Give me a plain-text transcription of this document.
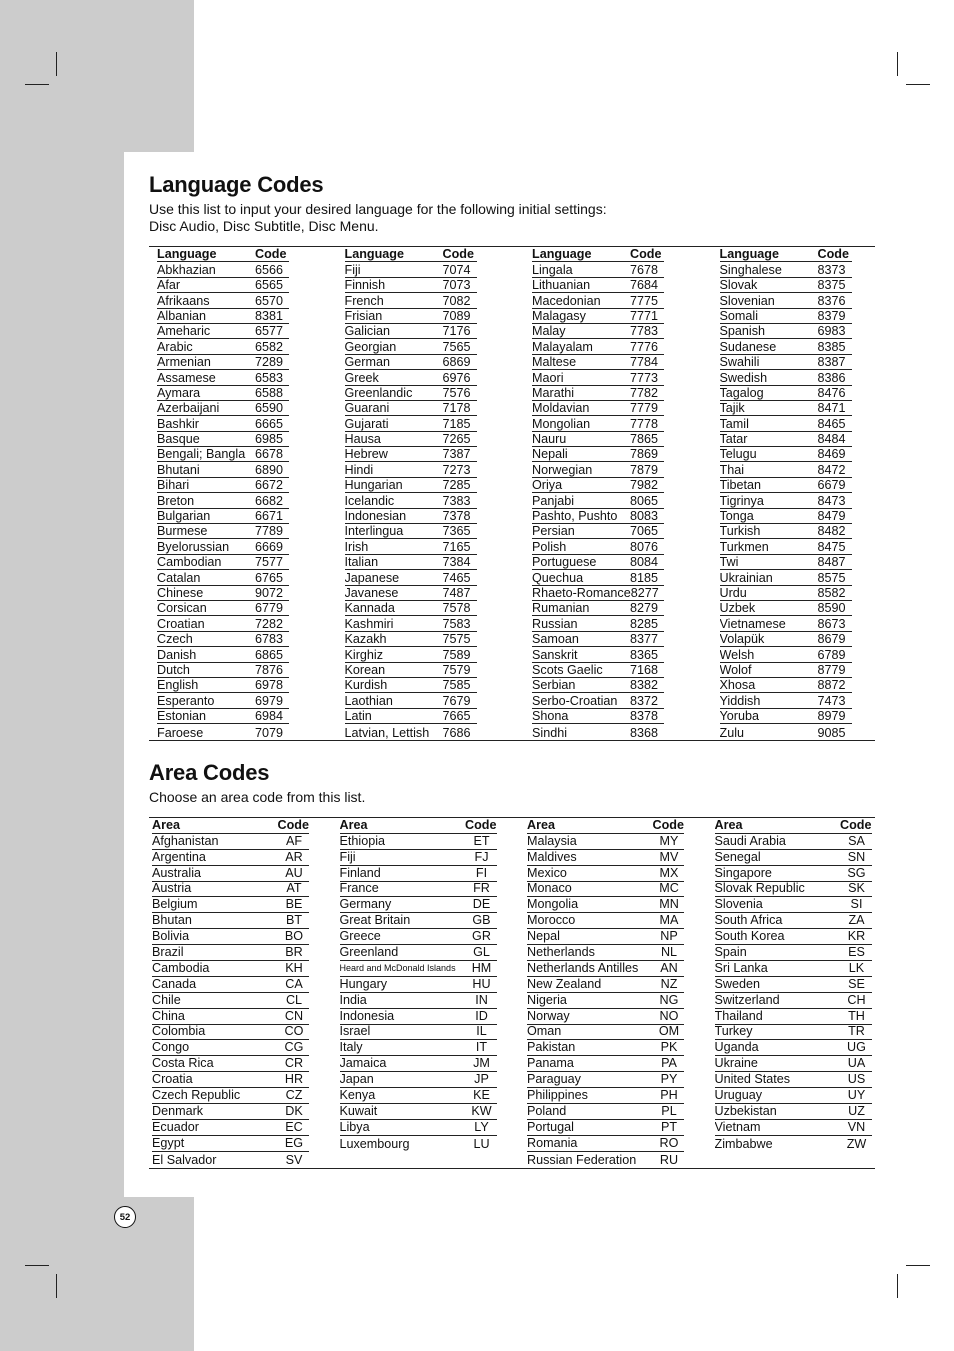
Language Codes

Use this list to input your desired language for the following initial settings:
Disc Audio, Disc Subtitle, Disc Menu.

Language	Code
Abkhazian	6566
Afar	6565
Afrikaans	6570
Albanian	8381
Ameharic	6577
Arabic	6582
Armenian	7289
Assamese	6583
Aymara	6588
Azerbaijani	6590
Bashkir	6665
Basque	6985
Bengali; Bangla 6678
Bhutani	6890
Bihari	6672
Breton	6682
Bulgarian	6671
Burmese	7789
Byelorussian 6669
Cambodian	7577
Catalan	6765
Chinese	9072
Corsican	6779
Croatian	7282
Czech	6783
Danish	6865
Dutch	7876
English	6978
Esperanto	6979
Estonian	6984
Faroese	7079
Language	Code
Fiji	7074
Finnish	7073
French	7082
Frisian	7089
Galician	7176
Georgian	7565
German	6869
Greek	6976
Greenlandic 7576
Guarani	7178
Gujarati	7185
Hausa	7265
Hebrew	7387
Hindi	7273
Hungarian	7285
Icelandic	7383
Indonesian	7378
Interlingua	7365
Irish	7165
Italian	7384
Japanese	7465
Javanese	7487
Kannada	7578
Kashmiri	7583
Kazakh	7575
Kirghiz	7589
Korean	7579
Kurdish	7585
Laothian	7679
Latin	7665
Latvian, Lettish 7686
Language	Code
Lingala	7678
Lithuanian	7684
Macedonian 7775
Malagasy	7771
Malay	7783
Malayalam	7776
Maltese	7784
Maori	7773
Marathi	7782
Moldavian	7779
Mongolian	7778
Nauru	7865
Nepali	7869
Norwegian	7879
Oriya	7982
Panjabi	8065
Pashto, Pushto 8083
Persian	7065
Polish	8076
Portuguese	8084
Quechua	8185
Rhaeto-Romance 8277
Rumanian	8279
Russian	8285
Samoan	8377
Sanskrit	8365
Scots Gaelic 7168
Serbian	8382
Serbo-Croatian 8372
Shona	8378
Sindhi	8368
Language	Code
Singhalese	8373
Slovak	8375
Slovenian	8376
Somali	8379
Spanish	6983
Sudanese	8385
Swahili	8387
Swedish	8386
Tagalog	8476
Tajik	8471
Tamil	8465
Tatar	8484
Telugu	8469
Thai	8472
Tibetan	6679
Tigrinya	8473
Tonga	8479
Turkish	8482
Turkmen	8475
Twi	8487
Ukrainian	8575
Urdu	8582
Uzbek	8590
Vietnamese	8673
Volapük	8679
Welsh	6789
Wolof	8779
Xhosa	8872
Yiddish	7473
Yoruba	8979
Zulu	9085
Area Codes

Choose an area code from this list.

Area	Code
Afghanistan	AF
Argentina	AR
Australia	AU
Austria	AT
Belgium	BE
Bhutan	BT
Bolivia	BO
Brazil	BR
Cambodia	KH
Canada	CA
Chile	CL
China	CN
Colombia	CO
Congo	CG
Costa Rica	CR
Croatia	HR
Czech Republic	CZ
Denmark	DK
Ecuador	EC
Egypt	EG
El Salvador	SV
Area	Code
Ethiopia	ET
Fiji	FJ
Finland	FI
France	FR
Germany	DE
Great Britain	GB
Greece	GR
Greenland	GL
Heard and McDonald Islands	HM
Hungary	HU
India	IN
Indonesia	ID
Israel	IL
Italy	IT
Jamaica	JM
Japan	JP
Kenya	KE
Kuwait	KW
Libya	LY
Luxembourg	LU
Area	Code
Malaysia	MY
Maldives	MV
Mexico	MX
Monaco	MC
Mongolia	MN
Morocco	MA
Nepal	NP
Netherlands	NL
Netherlands Antilles	AN
New Zealand	NZ
Nigeria	NG
Norway	NO
Oman	OM
Pakistan	PK
Panama	PA
Paraguay	PY
Philippines	PH
Poland	PL
Portugal	PT
Romania	RO
Russian Federation	RU
Area	Code
Saudi Arabia	SA
Senegal	SN
Singapore	SG
Slovak Republic	SK
Slovenia	SI
South Africa	ZA
South Korea	KR
Spain	ES
Sri Lanka	LK
Sweden	SE
Switzerland	CH
Thailand	TH
Turkey	TR
Uganda	UG
Ukraine	UA
United States	US
Uruguay	UY
Uzbekistan	UZ
Vietnam	VN
Zimbabwe	ZW
52
